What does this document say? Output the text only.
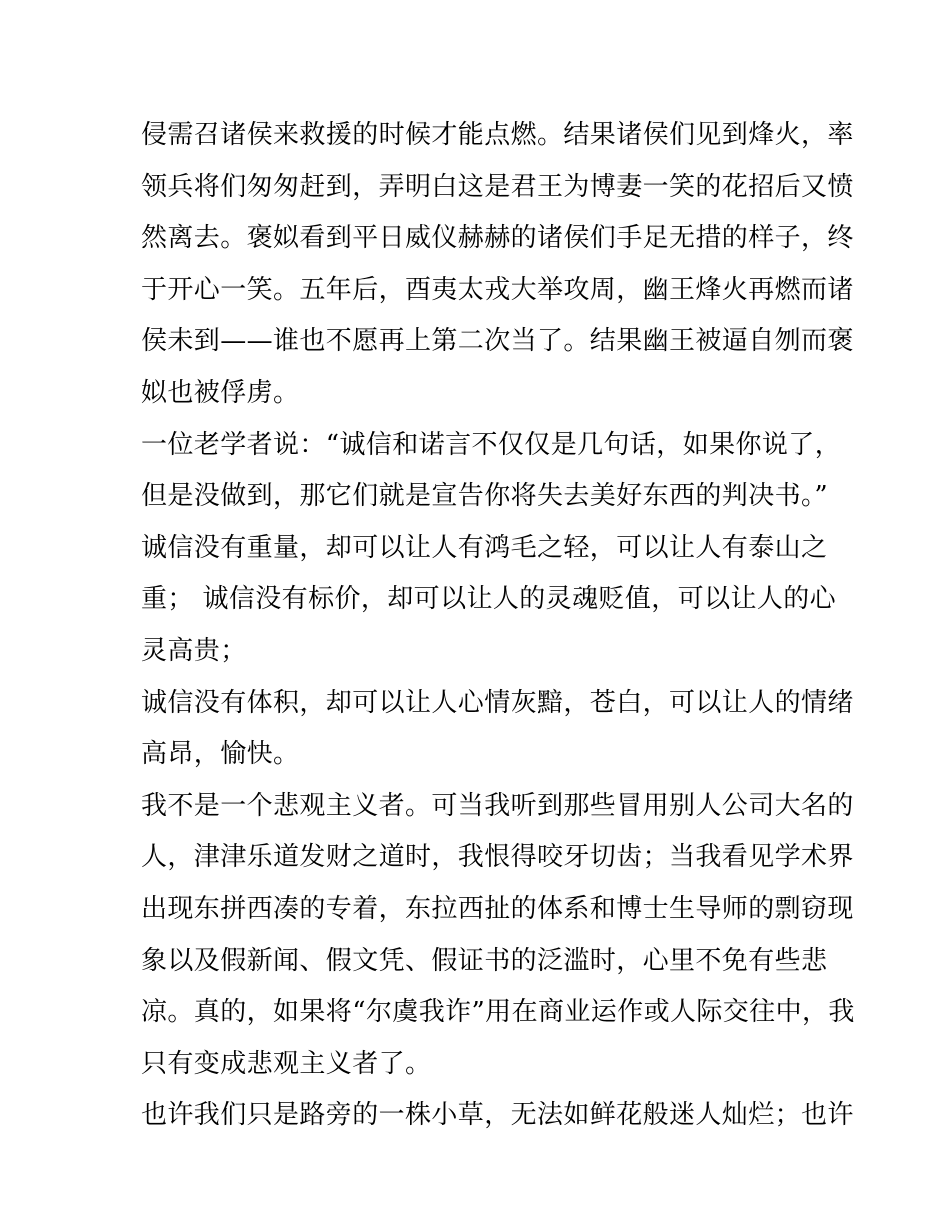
侵需召诸侯来救援的时候才能点燃。结果诸侯们见到烽火，率
领兵将们匆匆赶到，弄明白这是君王为博妻一笑的花招后又愤
然离去。褒姒看到平日威仪赫赫的诸侯们手足无措的样子，终
于开心一笑。五年后，酉夷太戎大举攻周，幽王烽火再燃而诸
侯未到——谁也不愿再上第二次当了。结果幽王被逼自刎而褒
姒也被俘虏。
一位老学者说：“诚信和诺言不仅仅是几句话，如果你说了，
但是没做到，那它们就是宣告你将失去美好东西的判决书。”
诚信没有重量，却可以让人有鸿毛之轻，可以让人有泰山之
重； 诚信没有标价，却可以让人的灵魂贬值，可以让人的心
灵高贵；
诚信没有体积，却可以让人心情灰黯，苍白，可以让人的情绪
高昂，愉快。
我不是一个悲观主义者。可当我听到那些冒用别人公司大名的
人，津津乐道发财之道时，我恨得咬牙切齿；当我看见学术界
出现东拼西凑的专着，东拉西扯的体系和博士生导师的剽窃现
象以及假新闻、假文凭、假证书的泛滥时，心里不免有些悲
凉。真的，如果将“尔虞我诈”用在商业运作或人际交往中，我
只有变成悲观主义者了。
也许我们只是路旁的一株小草，无法如鲜花般迷人灿烂；也许
